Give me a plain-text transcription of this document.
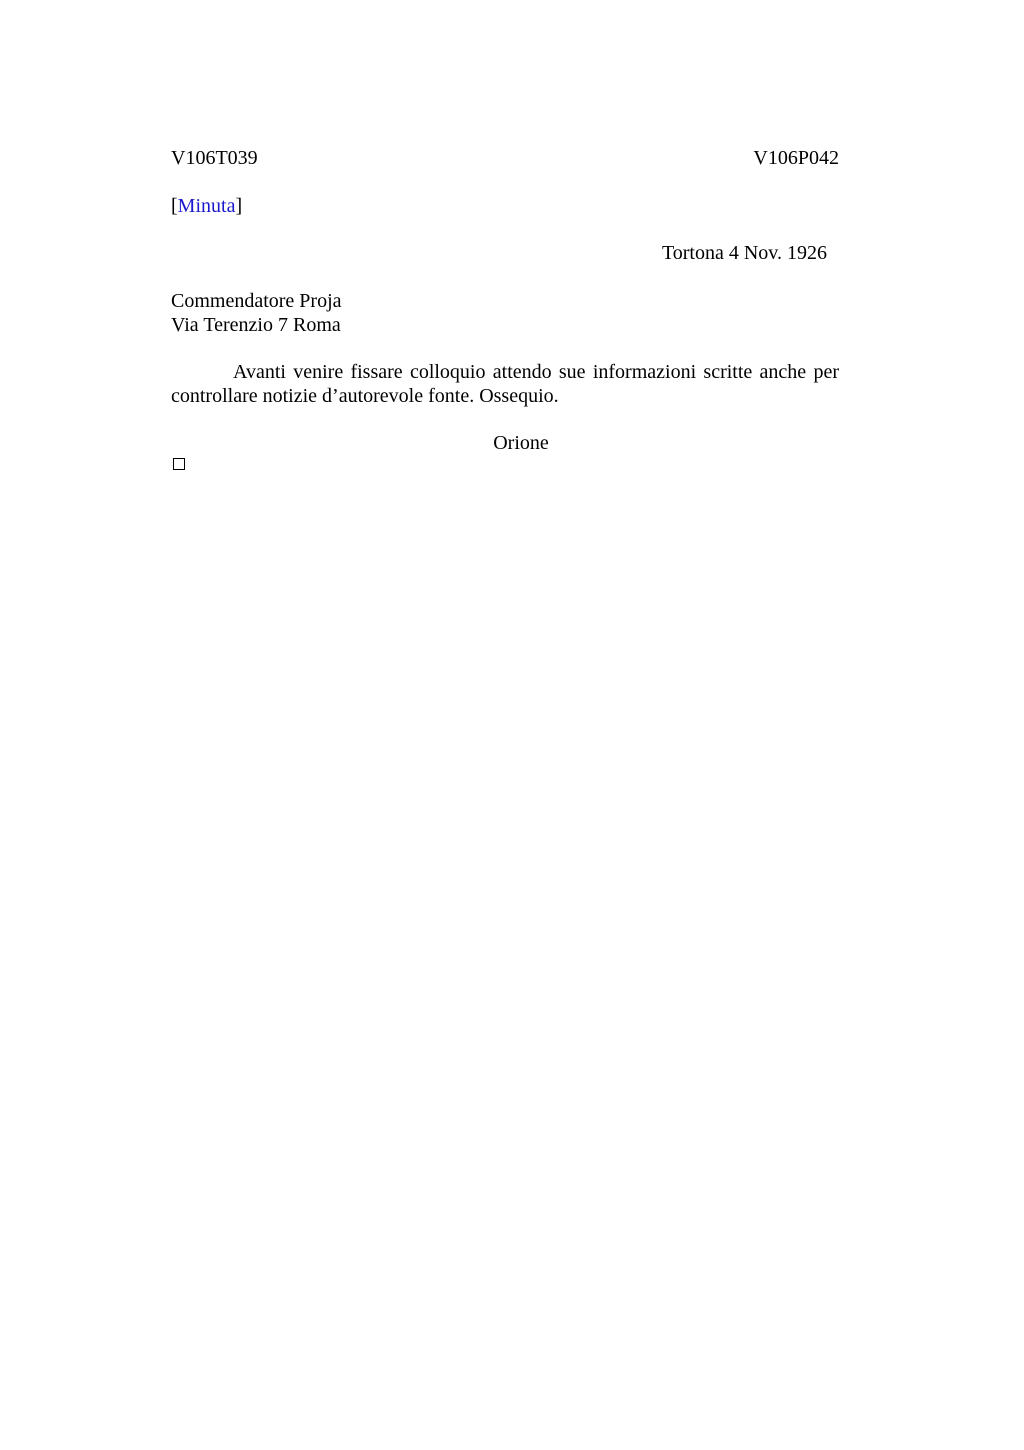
V106T039	V106P042
[Minuta]
Tortona 4 Nov. 1926
Commendatore Proja
Via Terenzio 7 Roma

Avanti venire fissare colloquio attendo sue informazioni scritte anche per controllare notizie d’autorevole fonte. Ossequio.

Orione
